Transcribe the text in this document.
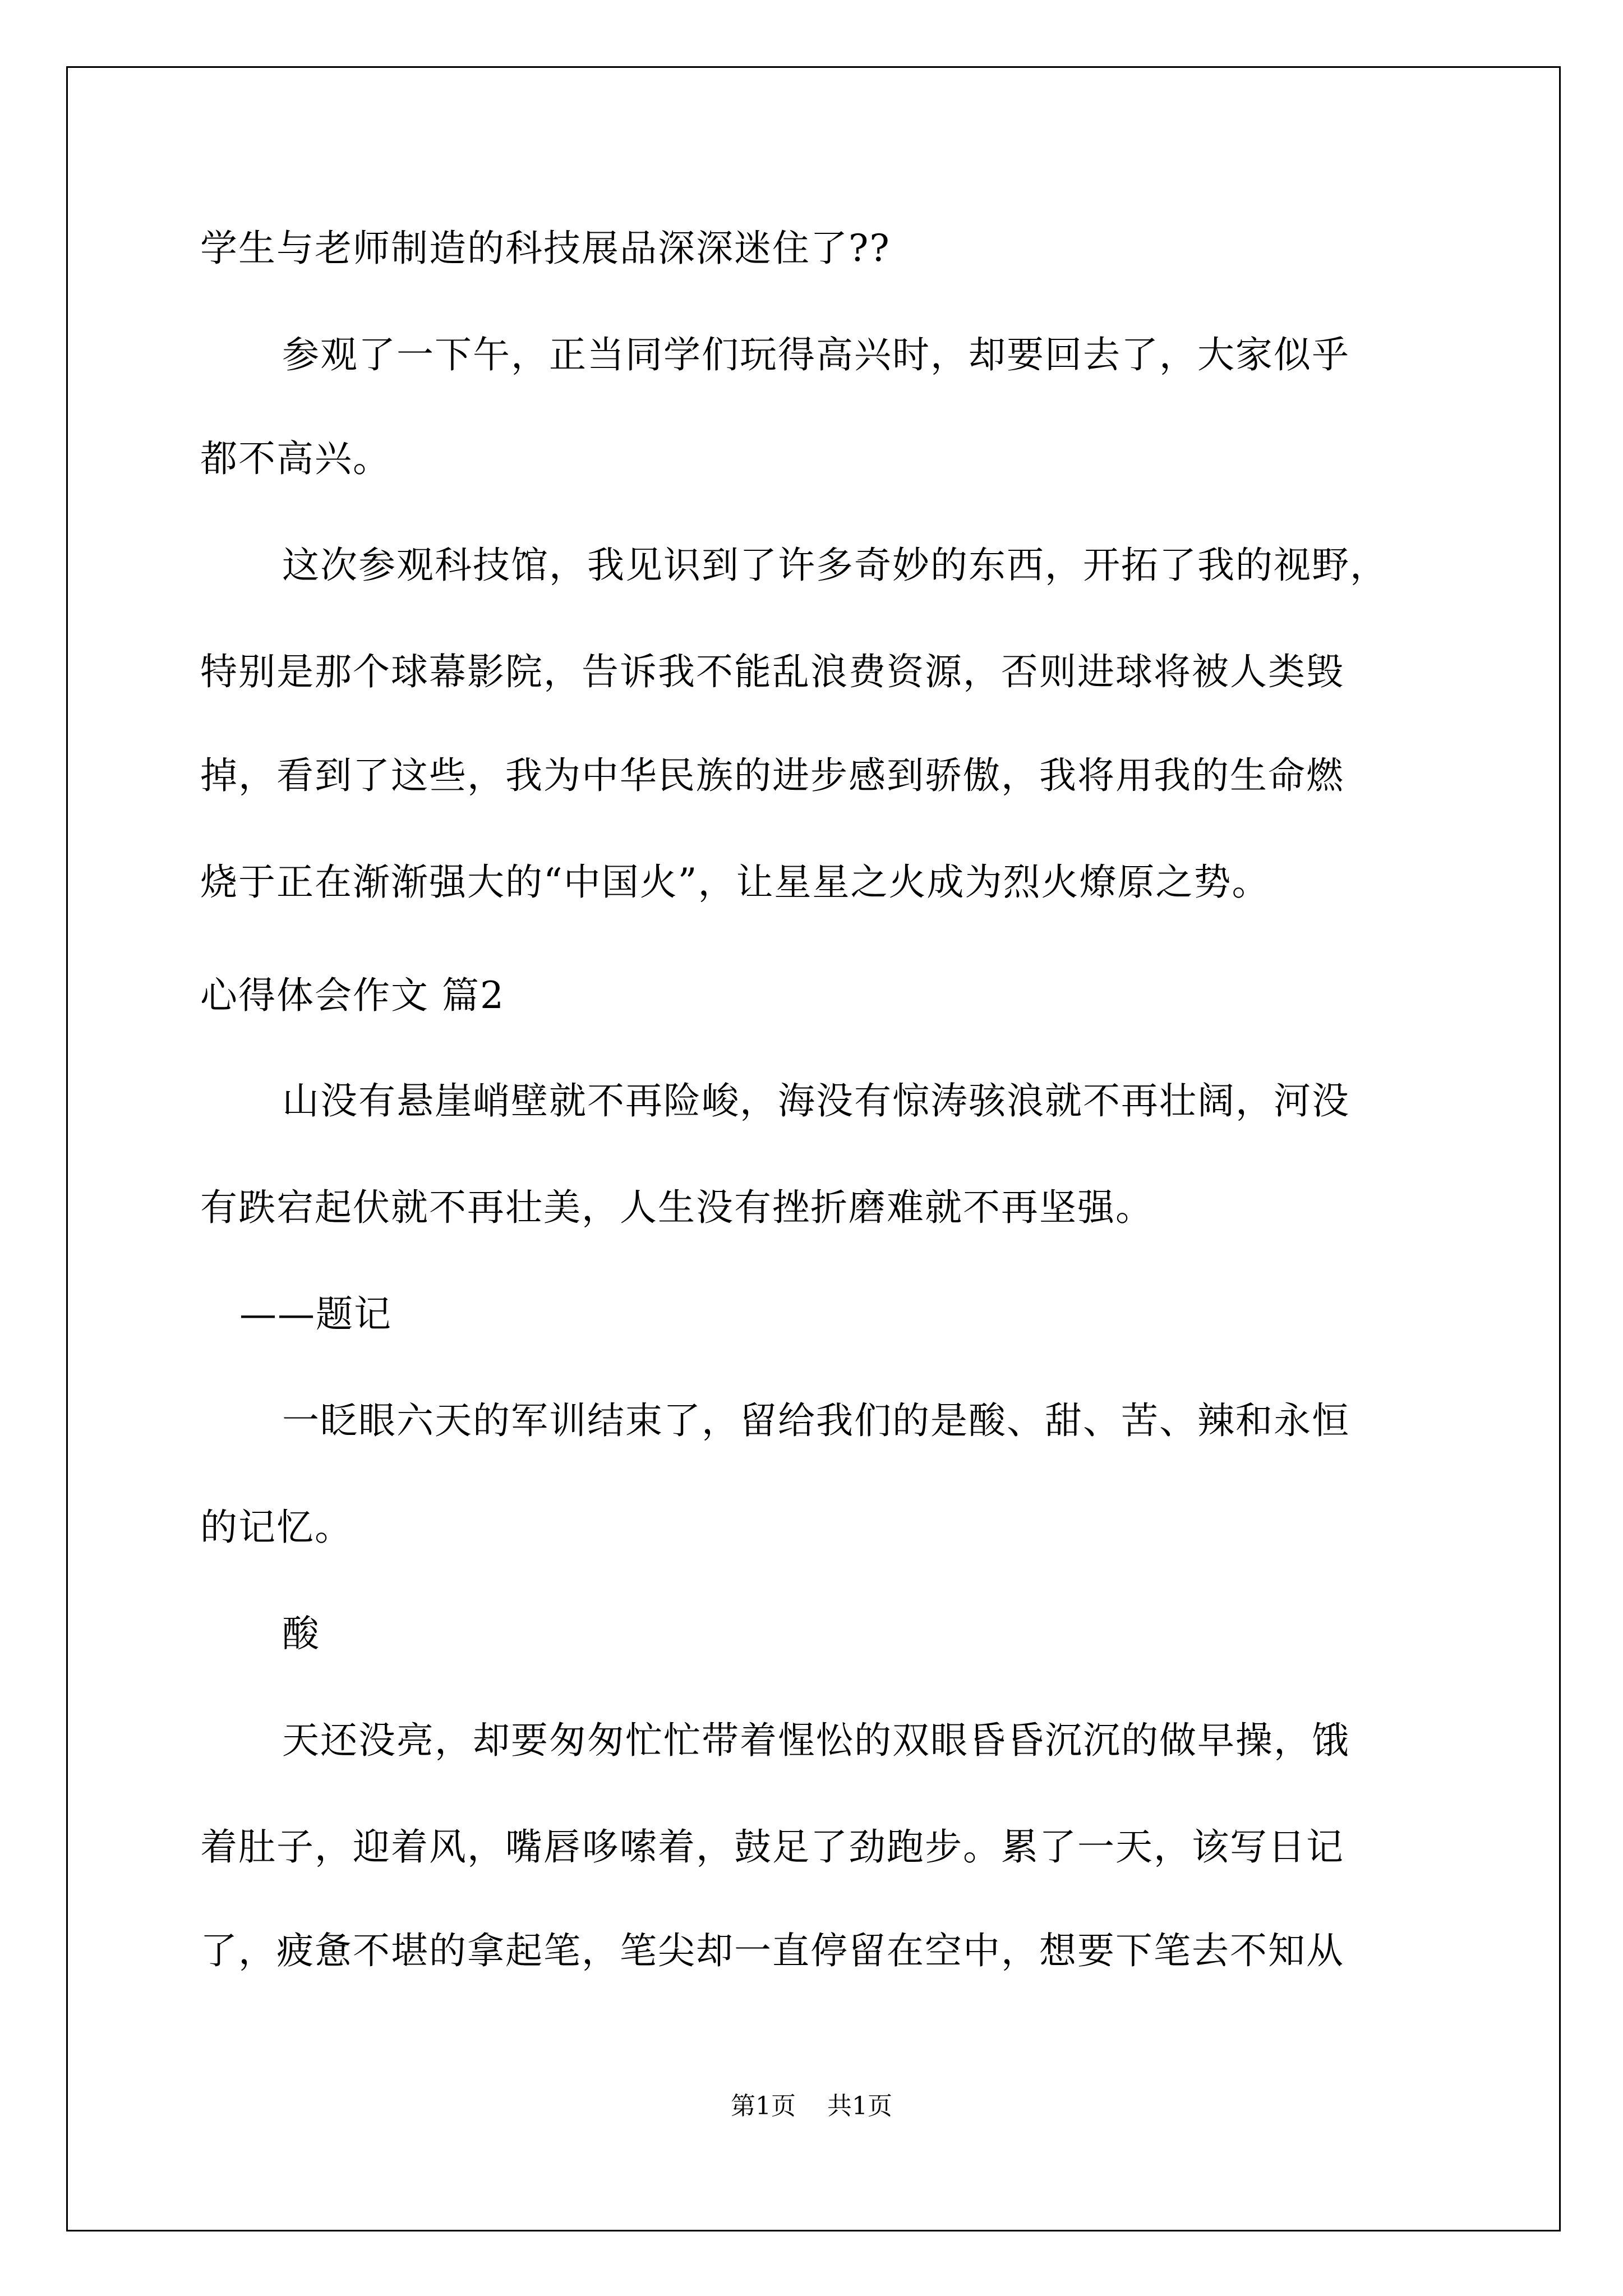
学生与老师制造的科技展品深深迷住了??
参观了一下午，正当同学们玩得高兴时，却要回去了，大家似乎
都不高兴。
这次参观科技馆，我见识到了许多奇妙的东西，开拓了我的视野，
特别是那个球幕影院，告诉我不能乱浪费资源，否则进球将被人类毁
掉，看到了这些，我为中华民族的进步感到骄傲，我将用我的生命燃
烧于正在渐渐强大的“中国火”，让星星之火成为烈火燎原之势。
心得体会作文 篇2
山没有悬崖峭壁就不再险峻，海没有惊涛骇浪就不再壮阔，河没
有跌宕起伏就不再壮美，人生没有挫折磨难就不再坚强。
——题记
一眨眼六天的军训结束了，留给我们的是酸、甜、苦、辣和永恒
的记忆。
酸
天还没亮，却要匆匆忙忙带着惺忪的双眼昏昏沉沉的做早操，饿
着肚子，迎着风，嘴唇哆嗦着，鼓足了劲跑步。累了一天，该写日记
了，疲惫不堪的拿起笔，笔尖却一直停留在空中，想要下笔去不知从
第1页 共1页
